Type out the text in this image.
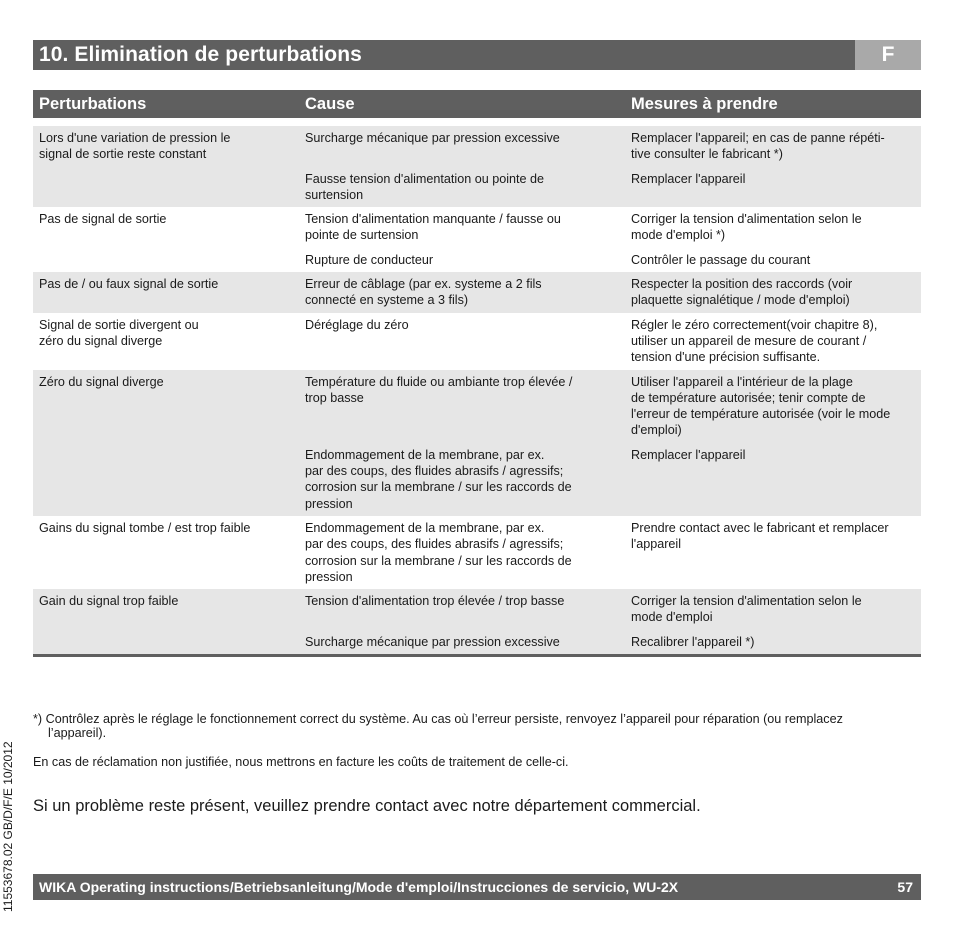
10. Elimination de perturbations	F
Perturbations	Cause	Mesures à prendre

Lors d'une variation de pression le
signal de sortie reste constant	Surcharge mécanique par pression excessive	Remplacer l'appareil; en cas de panne répéti-
tive consulter le fabricant *)

	Fausse tension d'alimentation ou pointe de
surtension	Remplacer l'appareil

Pas de signal de sortie	Tension d'alimentation manquante / fausse ou
pointe de surtension	Corriger la tension d'alimentation selon le
mode d'emploi *)

	Rupture de conducteur	Contrôler le passage du courant

Pas de / ou faux signal de sortie	Erreur de câblage (par ex. systeme a 2 fils
connecté en systeme a 3 fils)	Respecter la position des raccords (voir
plaquette signalétique / mode d'emploi)

Signal de sortie divergent ou
zéro du signal diverge	Déréglage du zéro	Régler le zéro correctement(voir chapitre 8),
utiliser un appareil de mesure de courant /
tension d'une précision suffisante.

Zéro du signal diverge	Température du fluide ou ambiante trop élevée /
trop basse	Utiliser l'appareil a l'intérieur de la plage
de température autorisée; tenir compte de
l'erreur de température autorisée (voir le mode
d'emploi)

	Endommagement de la membrane, par ex.
par des coups, des fluides abrasifs / agressifs;
corrosion sur la membrane / sur les raccords de
pression	Remplacer l'appareil

Gains du signal tombe / est trop faible	Endommagement de la membrane, par ex.
par des coups, des fluides abrasifs / agressifs;
corrosion sur la membrane / sur les raccords de
pression	Prendre contact avec le fabricant et remplacer
l'appareil

Gain du signal trop faible	Tension d'alimentation trop élevée / trop basse	Corriger la tension d'alimentation selon le
mode d'emploi

	Surcharge mécanique par pression excessive	Recalibrer l'appareil *)
*) Contrôlez après le réglage le fonctionnement correct du système. Au cas où l’erreur persiste, renvoyez l’appareil pour réparation (ou remplacez
l’appareil).
En cas de réclamation non justifiée, nous mettrons en facture les coûts de traitement de celle-ci.
Si un problème reste présent, veuillez prendre contact avec notre département commercial.
11553678.02 GB/D/F/E 10/2012	WIKA Operating instructions/Betriebsanleitung/Mode d'emploi/Instrucciones de servicio, WU-2X	57
